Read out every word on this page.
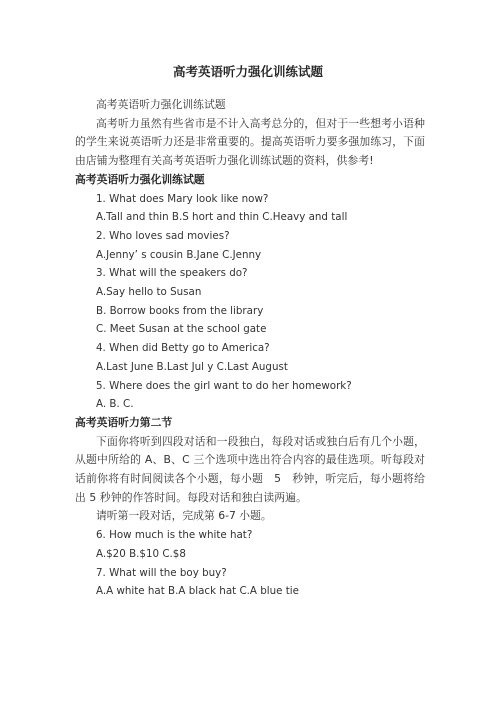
高考英语听力强化训练试题

高考英语听力强化训练试题

高考听力虽然有些省市是不计入高考总分的，但对于一些想考小语种的学生来说英语听力还是非常重要的。提高英语听力要多强加练习，下面由店铺为整理有关高考英语听力强化训练试题的资料，供参考!

高考英语听力强化训练试题

1. What does Mary look like now?

A.Tall and thin B.S hort and thin C.Heavy and tall

2. Who loves sad movies?

A.Jenny’ s cousin B.Jane C.Jenny

3. What will the speakers do?

A.Say hello to Susan

B. Borrow books from the library

C. Meet Susan at the school gate

4. When did Betty go to America?

A.Last June B.Last Jul y C.Last August

5. Where does the girl want to do her homework?

A. B. C.

高考英语听力第二节

下面你将听到四段对话和一段独白，每段对话或独白后有几个小题，从题中所给的 A、B、C 三个选项中选出符合内容的最佳选项。听每段对话前你将有时间阅读各个小题，每小题　5　秒钟，听完后，每小题将给出 5 秒钟的作答时间。每段对话和独白读两遍。

请听第一段对话，完成第 6-7 小题。

6. How much is the white hat?

A.$20 B.$10 C.$8

7. What will the boy buy?

A.A white hat B.A black hat C.A blue tie
